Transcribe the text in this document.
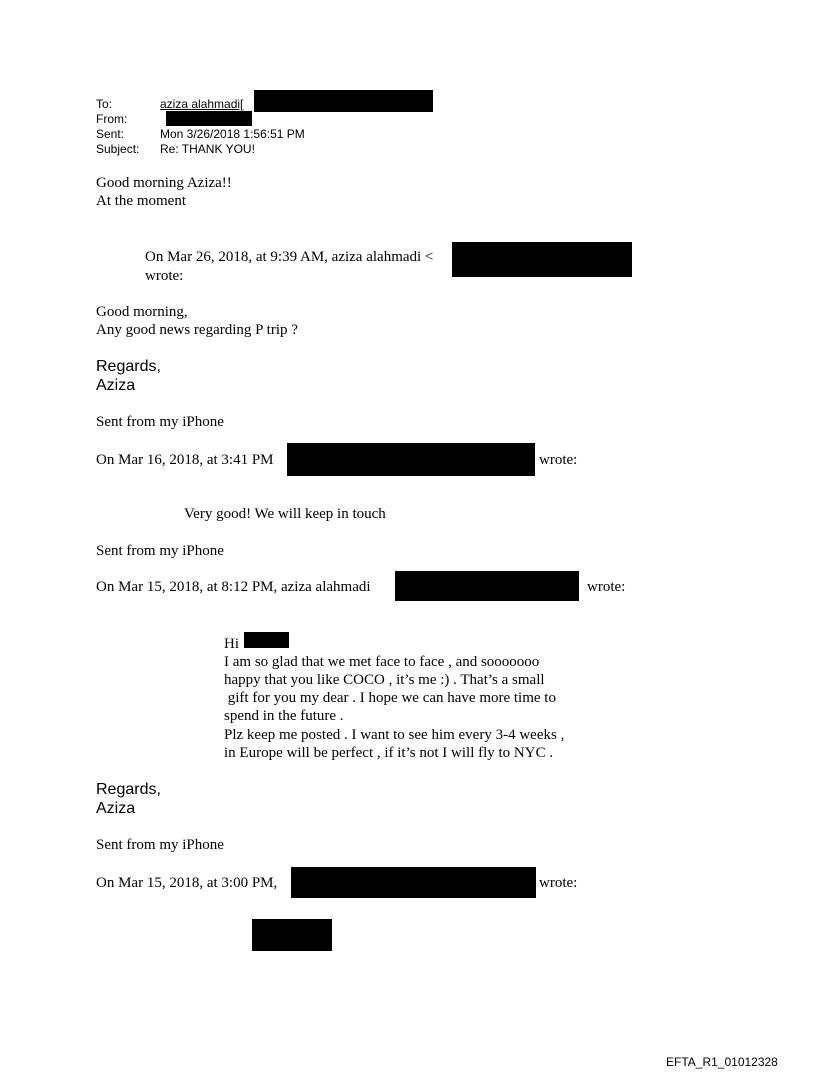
To:	aziza alahmadi[
From:
Sent:	Mon 3/26/2018 1:56:51 PM
Subject: Re: THANK YOU!
Good morning Aziza!!
At the moment
On Mar 26, 2018, at 9:39 AM, aziza alahmadi <
wrote:
Good morning,
Any good news regarding P trip ?
Regards,
Aziza
Sent from my iPhone
On Mar 16, 2018, at 3:41 PM	wrote:
Very good! We will keep in touch
Sent from my iPhone
On Mar 15, 2018, at 8:12 PM, aziza alahmadi	wrote:
Hi
I am so glad that we met face to face , and sooooooo
happy that you like COCO , it’s me :) . That’s a small
gift for you my dear . I hope we can have more time to
spend in the future .
Plz keep me posted . I want to see him every 3-4 weeks ,
in Europe will be perfect , if it’s not I will fly to NYC .
Regards,
Aziza
Sent from my iPhone
On Mar 15, 2018, at 3:00 PM,	wrote:
EFTA_R1_01012328
